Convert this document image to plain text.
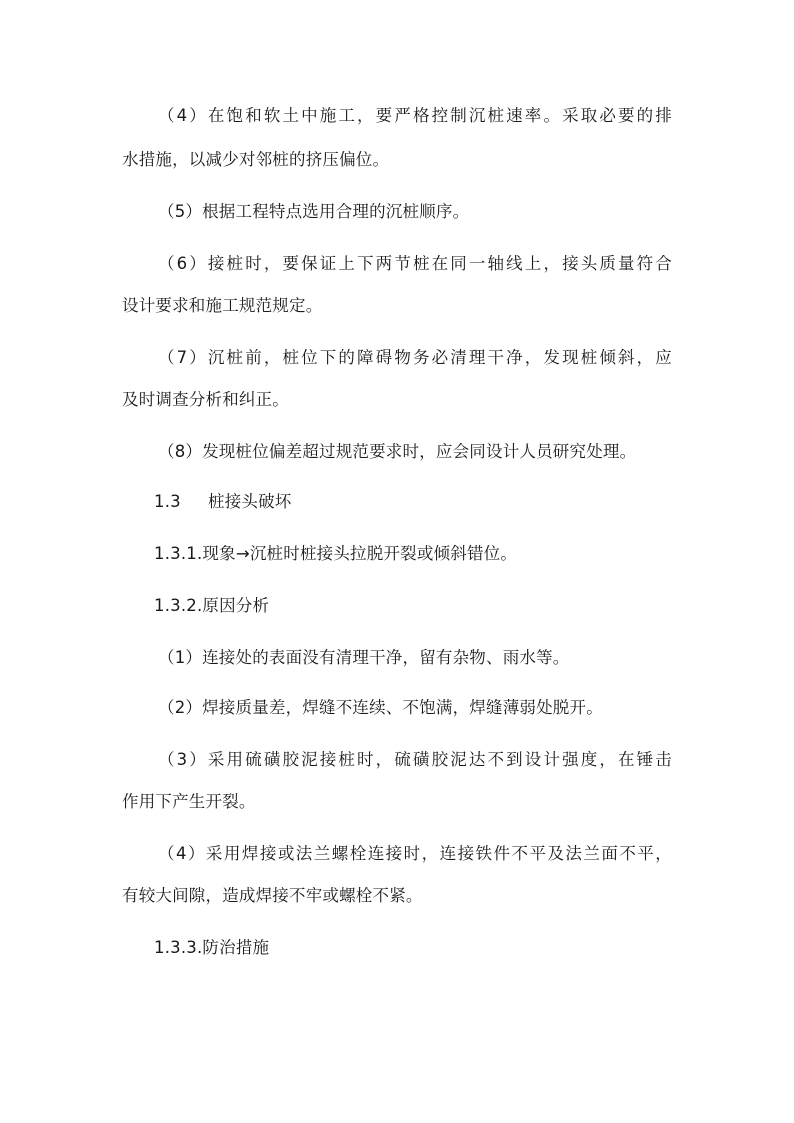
（4）在饱和软土中施工，要严格控制沉桩速率。采取必要的排
水措施，以减少对邻桩的挤压偏位。
（5）根据工程特点选用合理的沉桩顺序。
（6）接桩时，要保证上下两节桩在同一轴线上，接头质量符合
设计要求和施工规范规定。
（7）沉桩前，桩位下的障碍物务必清理干净，发现桩倾斜，应
及时调查分析和纠正。
（8）发现桩位偏差超过规范要求时，应会同设计人员研究处理。
1.3 桩接头破坏
1.3.1.现象→沉桩时桩接头拉脱开裂或倾斜错位。
1.3.2.原因分析
（1）连接处的表面没有清理干净，留有杂物、雨水等。
（2）焊接质量差，焊缝不连续、不饱满，焊缝薄弱处脱开。
（3）采用硫磺胶泥接桩时，硫磺胶泥达不到设计强度，在锤击
作用下产生开裂。
（4）采用焊接或法兰螺栓连接时，连接铁件不平及法兰面不平，
有较大间隙，造成焊接不牢或螺栓不紧。
1.3.3.防治措施
